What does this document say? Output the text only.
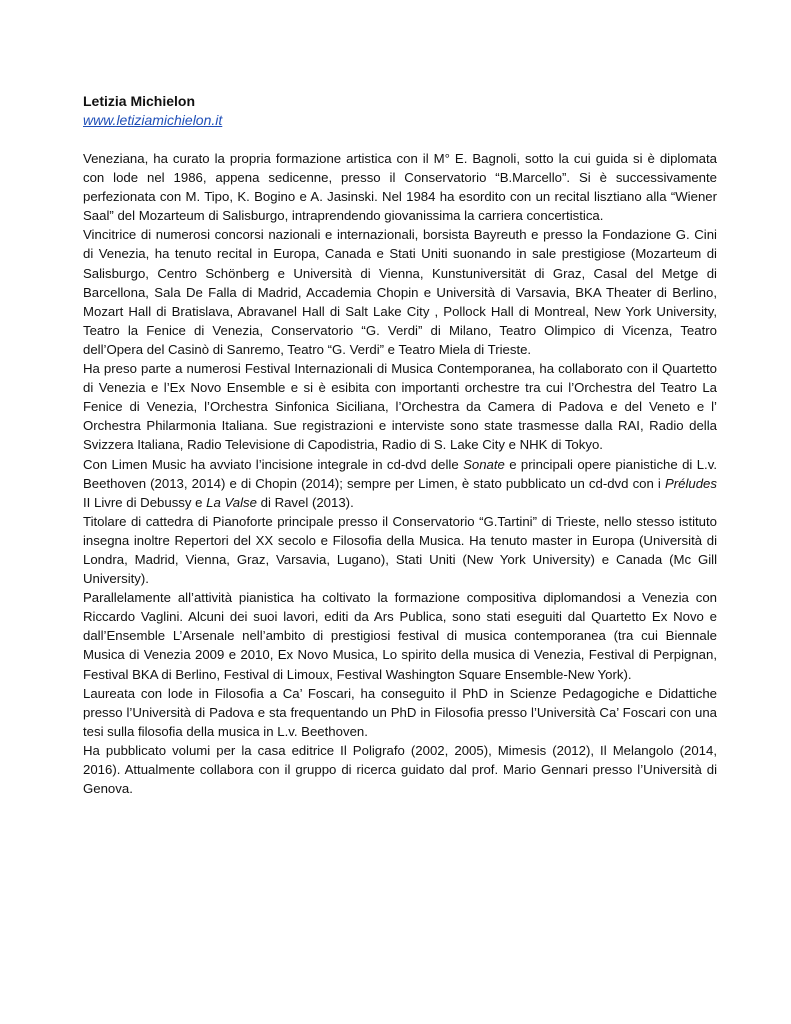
Letizia Michielon

www.letiziamichielon.it

Veneziana, ha curato la propria formazione artistica con il M° E. Bagnoli, sotto la cui guida si è diplomata con lode nel 1986, appena sedicenne, presso il Conservatorio “B.Marcello”. Si è successivamente perfezionata con M. Tipo, K. Bogino e A. Jasinski. Nel 1984 ha esordito con un recital lisztiano alla “Wiener Saal” del Mozarteum di Salisburgo, intraprendendo giovanissima la carriera concertistica.

Vincitrice di numerosi concorsi nazionali e internazionali, borsista Bayreuth e presso la Fondazione G. Cini di Venezia, ha tenuto recital in Europa, Canada e Stati Uniti suonando in sale prestigiose (Mozarteum di Salisburgo, Centro Schönberg e Università di Vienna, Kunstuniversität di Graz, Casal del Metge di Barcellona, Sala De Falla di Madrid, Accademia Chopin e Università di Varsavia, BKA Theater di Berlino, Mozart Hall di Bratislava, Abravanel Hall di Salt Lake City , Pollock Hall di Montreal, New York University, Teatro la Fenice di Venezia, Conservatorio “G. Verdi” di Milano, Teatro Olimpico di Vicenza, Teatro dell’Opera del Casinò di Sanremo, Teatro “G. Verdi” e Teatro Miela di Trieste.

Ha preso parte a numerosi Festival Internazionali di Musica Contemporanea, ha collaborato con il Quartetto di Venezia e l’Ex Novo Ensemble e si è esibita con importanti orchestre tra cui l’Orchestra del Teatro La Fenice di Venezia, l’Orchestra Sinfonica Siciliana, l’Orchestra da Camera di Padova e del Veneto e l’ Orchestra Philarmonia Italiana. Sue registrazioni e interviste sono state trasmesse dalla RAI, Radio della Svizzera Italiana, Radio Televisione di Capodistria, Radio di S. Lake City e NHK di Tokyo.

Con Limen Music ha avviato l’incisione integrale in cd-dvd delle Sonate e principali opere pianistiche di L.v. Beethoven (2013, 2014) e di Chopin (2014); sempre per Limen, è stato pubblicato un cd-dvd con i Préludes II Livre di Debussy e La Valse di Ravel (2013).

Titolare di cattedra di Pianoforte principale presso il Conservatorio “G.Tartini” di Trieste, nello stesso istituto insegna inoltre Repertori del XX secolo e Filosofia della Musica. Ha tenuto master in Europa (Università di Londra, Madrid, Vienna, Graz, Varsavia, Lugano), Stati Uniti (New York University) e Canada (Mc Gill University).

Parallelamente all’attività pianistica ha coltivato la formazione compositiva diplomandosi a Venezia con Riccardo Vaglini. Alcuni dei suoi lavori, editi da Ars Publica, sono stati eseguiti dal Quartetto Ex Novo e dall’Ensemble L’Arsenale nell’ambito di prestigiosi festival di musica contemporanea (tra cui Biennale Musica di Venezia 2009 e 2010, Ex Novo Musica, Lo spirito della musica di Venezia, Festival di Perpignan, Festival BKA di Berlino, Festival di Limoux, Festival Washington Square Ensemble-New York).

Laureata con lode in Filosofia a Ca’ Foscari, ha conseguito il PhD in Scienze Pedagogiche e Didattiche presso l’Università di Padova e sta frequentando un PhD in Filosofia presso l’Università Ca’ Foscari con una tesi sulla filosofia della musica in L.v. Beethoven.

Ha pubblicato volumi per la casa editrice Il Poligrafo (2002, 2005), Mimesis (2012), Il Melangolo (2014, 2016). Attualmente collabora con il gruppo di ricerca guidato dal prof. Mario Gennari presso l’Università di Genova.
